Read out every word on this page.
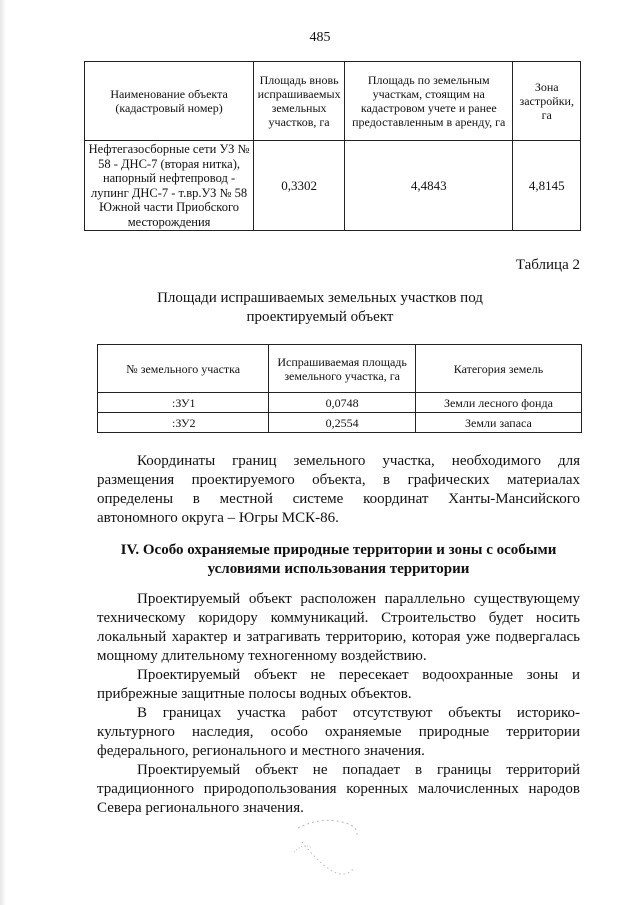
485
Наименование объекта (кадастровый номер)	Площадь вновь испрашиваемых земельных участков, га	Площадь по земельным участкам, стоящим на кадастровом учете и ранее предоставленным в аренду, га	Зона застройки, га
Нефтегазосборные сети УЗ № 58 - ДНС-7 (вторая нитка), напорный нефтепровод - лупинг ДНС-7 - т.вр.УЗ № 58 Южной части Приобского месторождения	0,3302	4,4843	4,8145
Таблица 2
Площади испрашиваемых земельных участков под проектируемый объект
№ земельного участка	Испрашиваемая площадь земельного участка, га	Категория земель
:ЗУ1	0,0748	Земли лесного фонда
:ЗУ2	0,2554	Земли запаса

Координаты границ земельного участка, необходимого для размещения проектируемого объекта, в графических материалах определены в местной системе координат Ханты-Мансийского автономного округа – Югры МСК-86.

IV. Особо охраняемые природные территории и зоны с особыми условиями использования территории

Проектируемый объект расположен параллельно существующему техническому коридору коммуникаций. Строительство будет носить локальный характер и затрагивать территорию, которая уже подвергалась мощному длительному техногенному воздействию.

Проектируемый объект не пересекает водоохранные зоны и прибрежные защитные полосы водных объектов.

В границах участка работ отсутствуют объекты историко-культурного наследия, особо охраняемые природные территории федерального, регионального и местного значения.

Проектируемый объект не попадает в границы территорий традиционного природопользования коренных малочисленных народов Севера регионального значения.
